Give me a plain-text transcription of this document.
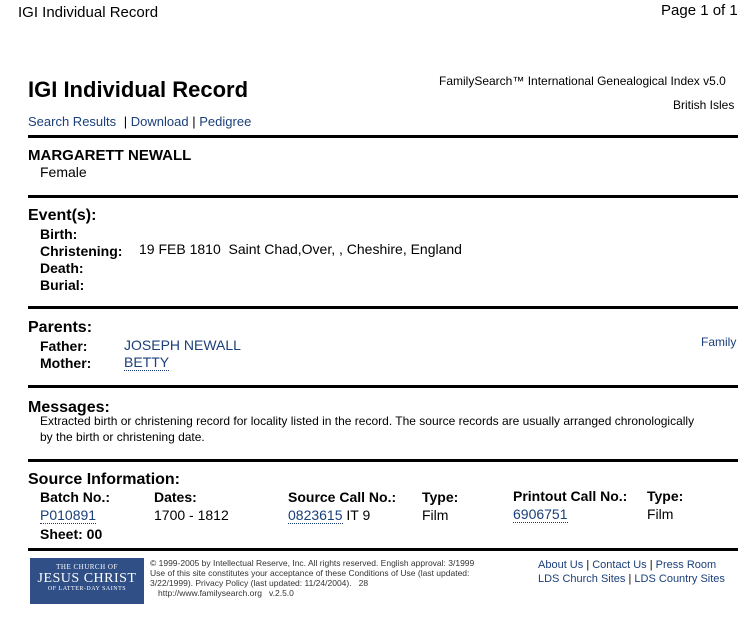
IGI Individual Record	Page 1 of 1
IGI Individual Record	FamilySearch™ International Genealogical Index v5.0
British Isles
Search Results | Download | Pedigree
MARGARETT NEWALL
Female
Event(s):
Birth:
Christening: 19 FEB 1810  Saint Chad,Over, , Cheshire, England
Death:
Burial:
Parents:
Father:	JOSEPH NEWALL
Mother: BETTY
Family
Messages:
Extracted birth or christening record for locality listed in the record. The source records are usually arranged chronologically
by the birth or christening date.
Source Information:
Batch No.:
P010891
Dates:
1700 - 1812
Source Call No.:
0823615 IT 9
Type:
Film
Printout Call No.:
6906751
Type:
Film
Sheet: 00
THE CHURCH OF
JESUS CHRIST
OF LATTER-DAY SAINTS
© 1999-2005 by Intellectual Reserve, Inc. All rights reserved. English approval: 3/1999
Use of this site constitutes your acceptance of these Conditions of Use (last updated:
3/22/1999). Privacy Policy (last updated: 11/24/2004).   28
http://www.familysearch.org   v.2.5.0
About Us | Contact Us | Press Room
LDS Church Sites | LDS Country Sites
